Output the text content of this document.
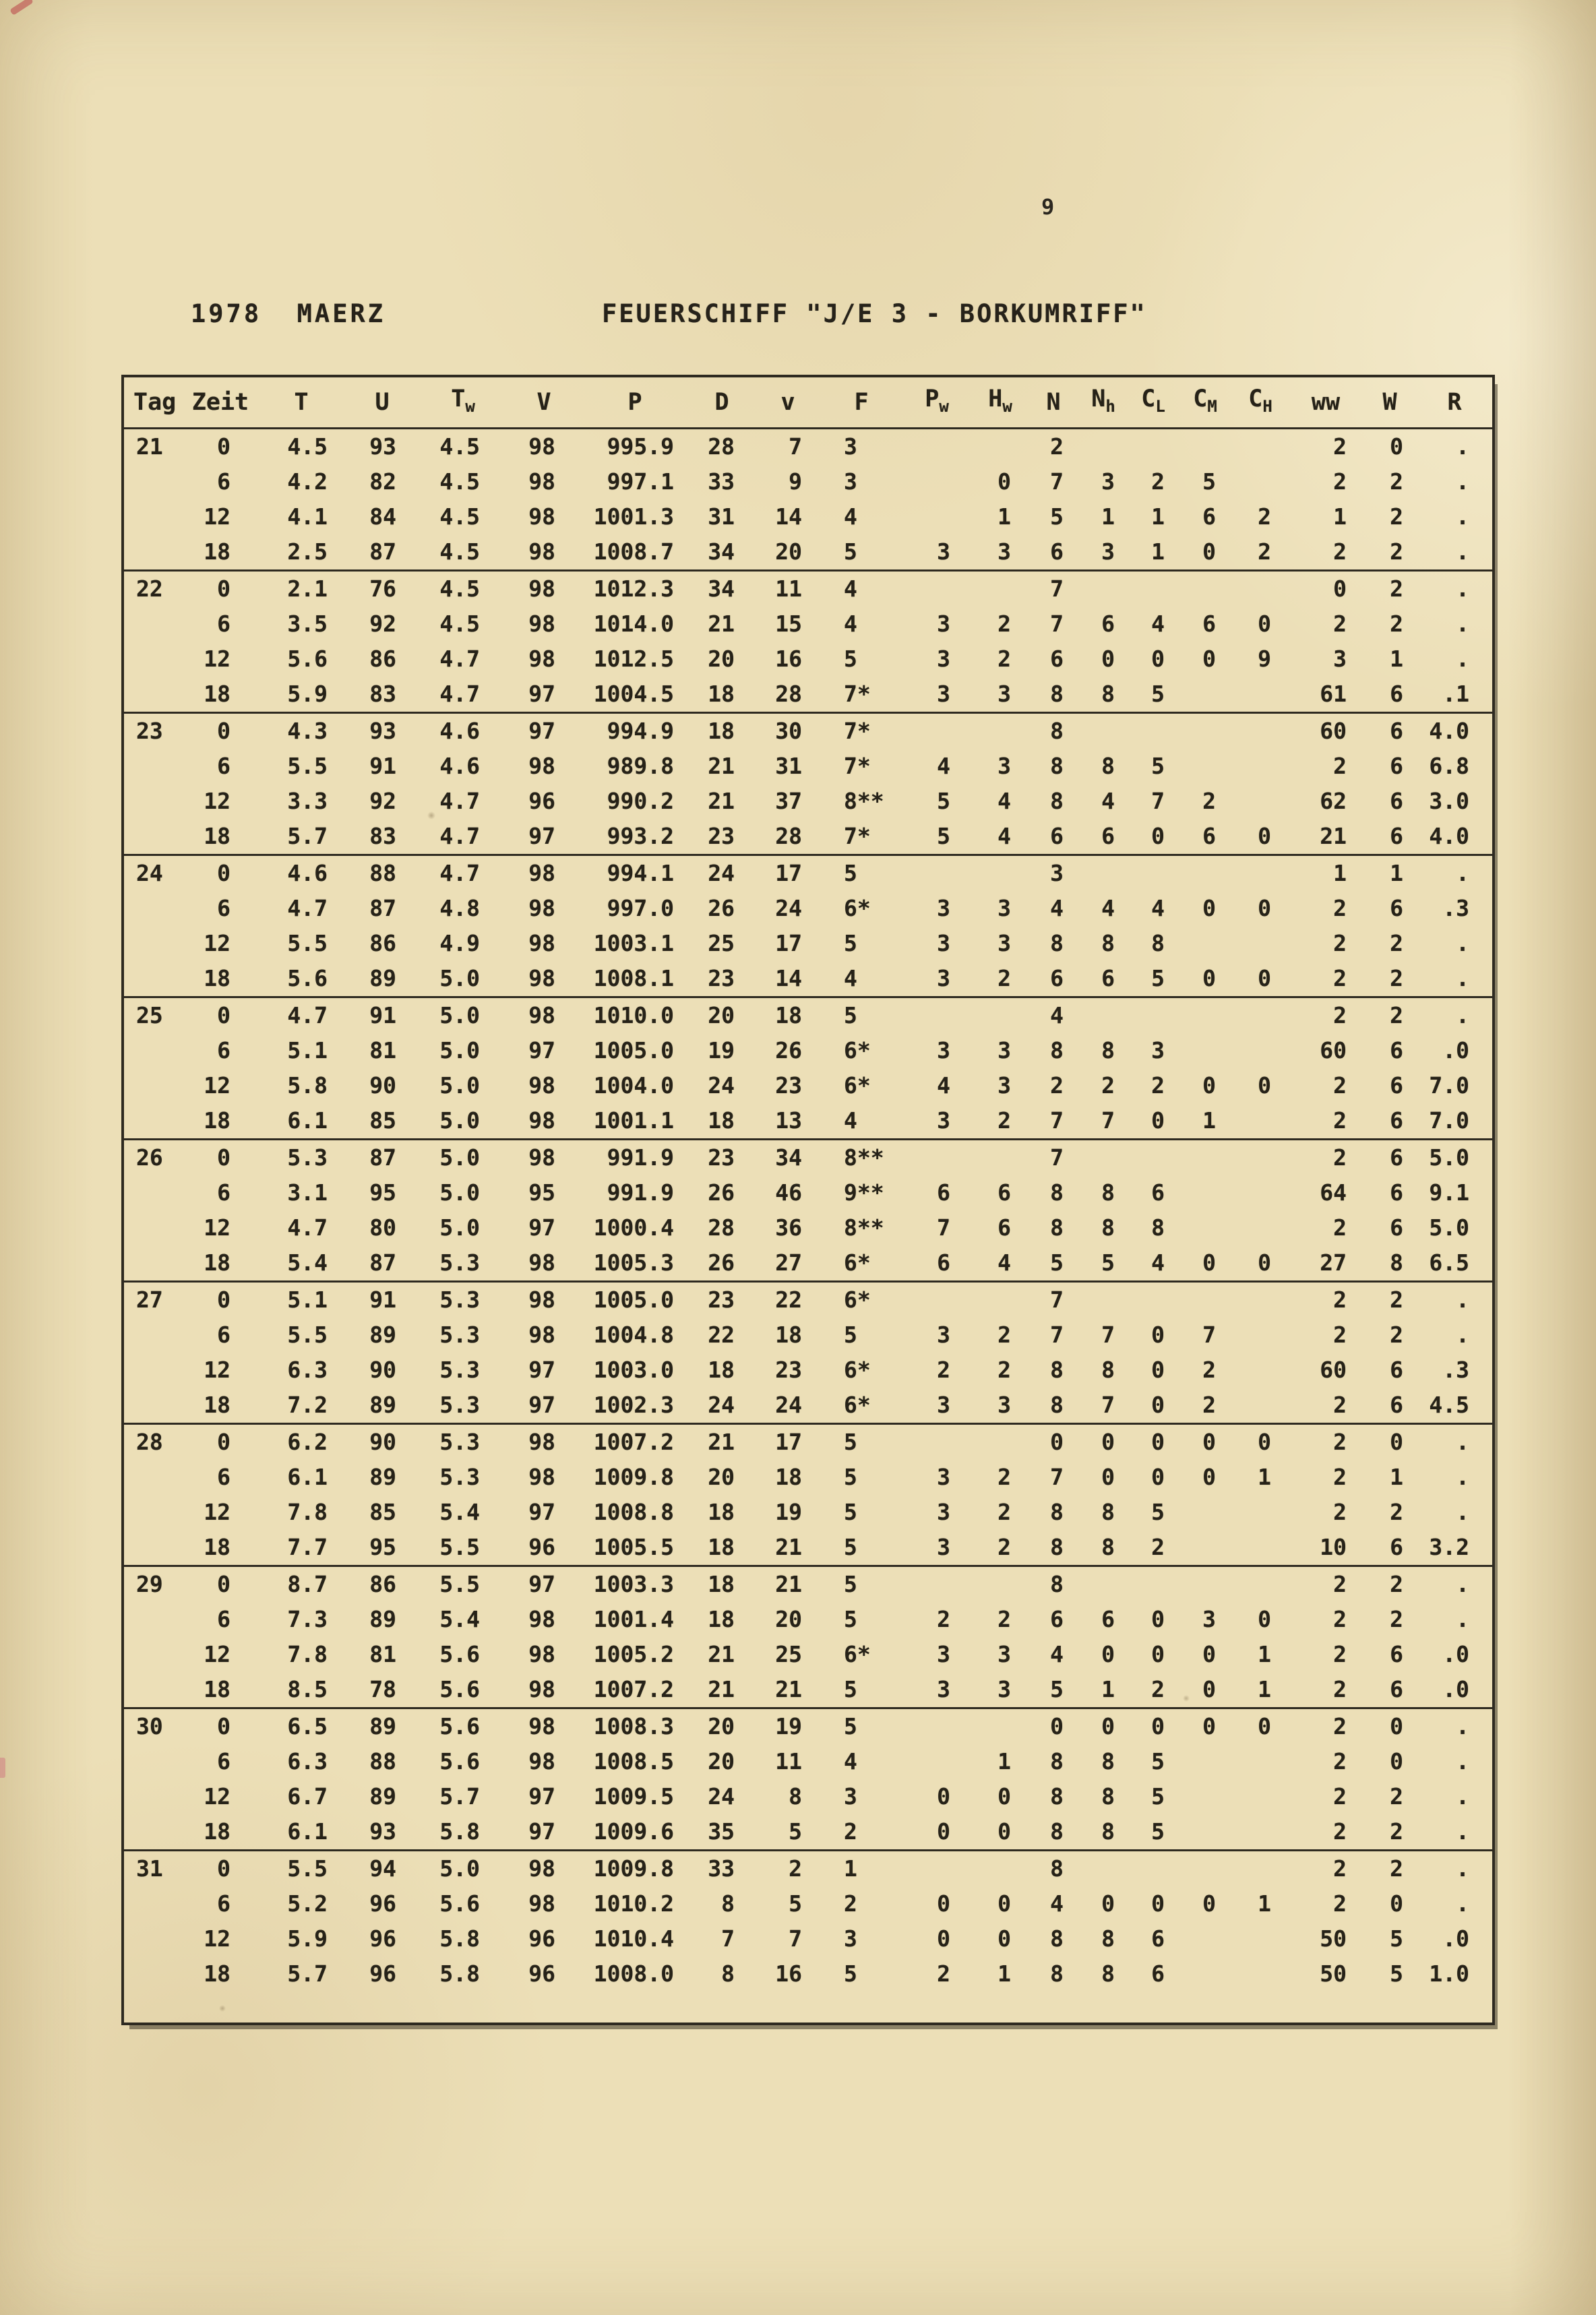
9
1978  MAERZ	FEUERSCHIFF "J/E 3 - BORKUMRIFF"
Tag	Zeit	T	U	$T_w$	V	P	D	v	F	$P_w$	$H_w$	N	$N_h$	$C_L$	$C_M$	$C_H$	ww	W	R
21	0	4.5	93	4.5	98	995.9	28	7	3			2					2	0	.
	6	4.2	82	4.5	98	997.1	33	9	3		0	7	3	2	5		2	2	.
	12	4.1	84	4.5	98	1001.3	31	14	4		1	5	1	1	6	2	1	2	.
	18	2.5	87	4.5	98	1008.7	34	20	5	3	3	6	3	1	0	2	2	2	.
22	0	2.1	76	4.5	98	1012.3	34	11	4			7					0	2	.
	6	3.5	92	4.5	98	1014.0	21	15	4	3	2	7	6	4	6	0	2	2	.
	12	5.6	86	4.7	98	1012.5	20	16	5	3	2	6	0	0	0	9	3	1	.
	18	5.9	83	4.7	97	1004.5	18	28	7*	3	3	8	8	5			61	6	.1
23	0	4.3	93	4.6	97	994.9	18	30	7*			8					60	6	4.0
	6	5.5	91	4.6	98	989.8	21	31	7*	4	3	8	8	5			2	6	6.8
	12	3.3	92	4.7	96	990.2	21	37	8**	5	4	8	4	7	2		62	6	3.0
	18	5.7	83	4.7	97	993.2	23	28	7*	5	4	6	6	0	6	0	21	6	4.0
24	0	4.6	88	4.7	98	994.1	24	17	5			3					1	1	.
	6	4.7	87	4.8	98	997.0	26	24	6*	3	3	4	4	4	0	0	2	6	.3
	12	5.5	86	4.9	98	1003.1	25	17	5	3	3	8	8	8			2	2	.
	18	5.6	89	5.0	98	1008.1	23	14	4	3	2	6	6	5	0	0	2	2	.
25	0	4.7	91	5.0	98	1010.0	20	18	5			4					2	2	.
	6	5.1	81	5.0	97	1005.0	19	26	6*	3	3	8	8	3			60	6	.0
	12	5.8	90	5.0	98	1004.0	24	23	6*	4	3	2	2	2	0	0	2	6	7.0
	18	6.1	85	5.0	98	1001.1	18	13	4	3	2	7	7	0	1		2	6	7.0
26	0	5.3	87	5.0	98	991.9	23	34	8**			7					2	6	5.0
	6	3.1	95	5.0	95	991.9	26	46	9**	6	6	8	8	6			64	6	9.1
	12	4.7	80	5.0	97	1000.4	28	36	8**	7	6	8	8	8			2	6	5.0
	18	5.4	87	5.3	98	1005.3	26	27	6*	6	4	5	5	4	0	0	27	8	6.5
27	0	5.1	91	5.3	98	1005.0	23	22	6*			7					2	2	.
	6	5.5	89	5.3	98	1004.8	22	18	5	3	2	7	7	0	7		2	2	.
	12	6.3	90	5.3	97	1003.0	18	23	6*	2	2	8	8	0	2		60	6	.3
	18	7.2	89	5.3	97	1002.3	24	24	6*	3	3	8	7	0	2		2	6	4.5
28	0	6.2	90	5.3	98	1007.2	21	17	5			0	0	0	0	0	2	0	.
	6	6.1	89	5.3	98	1009.8	20	18	5	3	2	7	0	0	0	1	2	1	.
	12	7.8	85	5.4	97	1008.8	18	19	5	3	2	8	8	5			2	2	.
	18	7.7	95	5.5	96	1005.5	18	21	5	3	2	8	8	2			10	6	3.2
29	0	8.7	86	5.5	97	1003.3	18	21	5			8					2	2	.
	6	7.3	89	5.4	98	1001.4	18	20	5	2	2	6	6	0	3	0	2	2	.
	12	7.8	81	5.6	98	1005.2	21	25	6*	3	3	4	0	0	0	1	2	6	.0
	18	8.5	78	5.6	98	1007.2	21	21	5	3	3	5	1	2	0	1	2	6	.0
30	0	6.5	89	5.6	98	1008.3	20	19	5			0	0	0	0	0	2	0	.
	6	6.3	88	5.6	98	1008.5	20	11	4		1	8	8	5			2	0	.
	12	6.7	89	5.7	97	1009.5	24	8	3	0	0	8	8	5			2	2	.
	18	6.1	93	5.8	97	1009.6	35	5	2	0	0	8	8	5			2	2	.
31	0	5.5	94	5.0	98	1009.8	33	2	1			8					2	2	.
	6	5.2	96	5.6	98	1010.2	8	5	2	0	0	4	0	0	0	1	2	0	.
	12	5.9	96	5.8	96	1010.4	7	7	3	0	0	8	8	6			50	5	.0
	18	5.7	96	5.8	96	1008.0	8	16	5	2	1	8	8	6			50	5	1.0
